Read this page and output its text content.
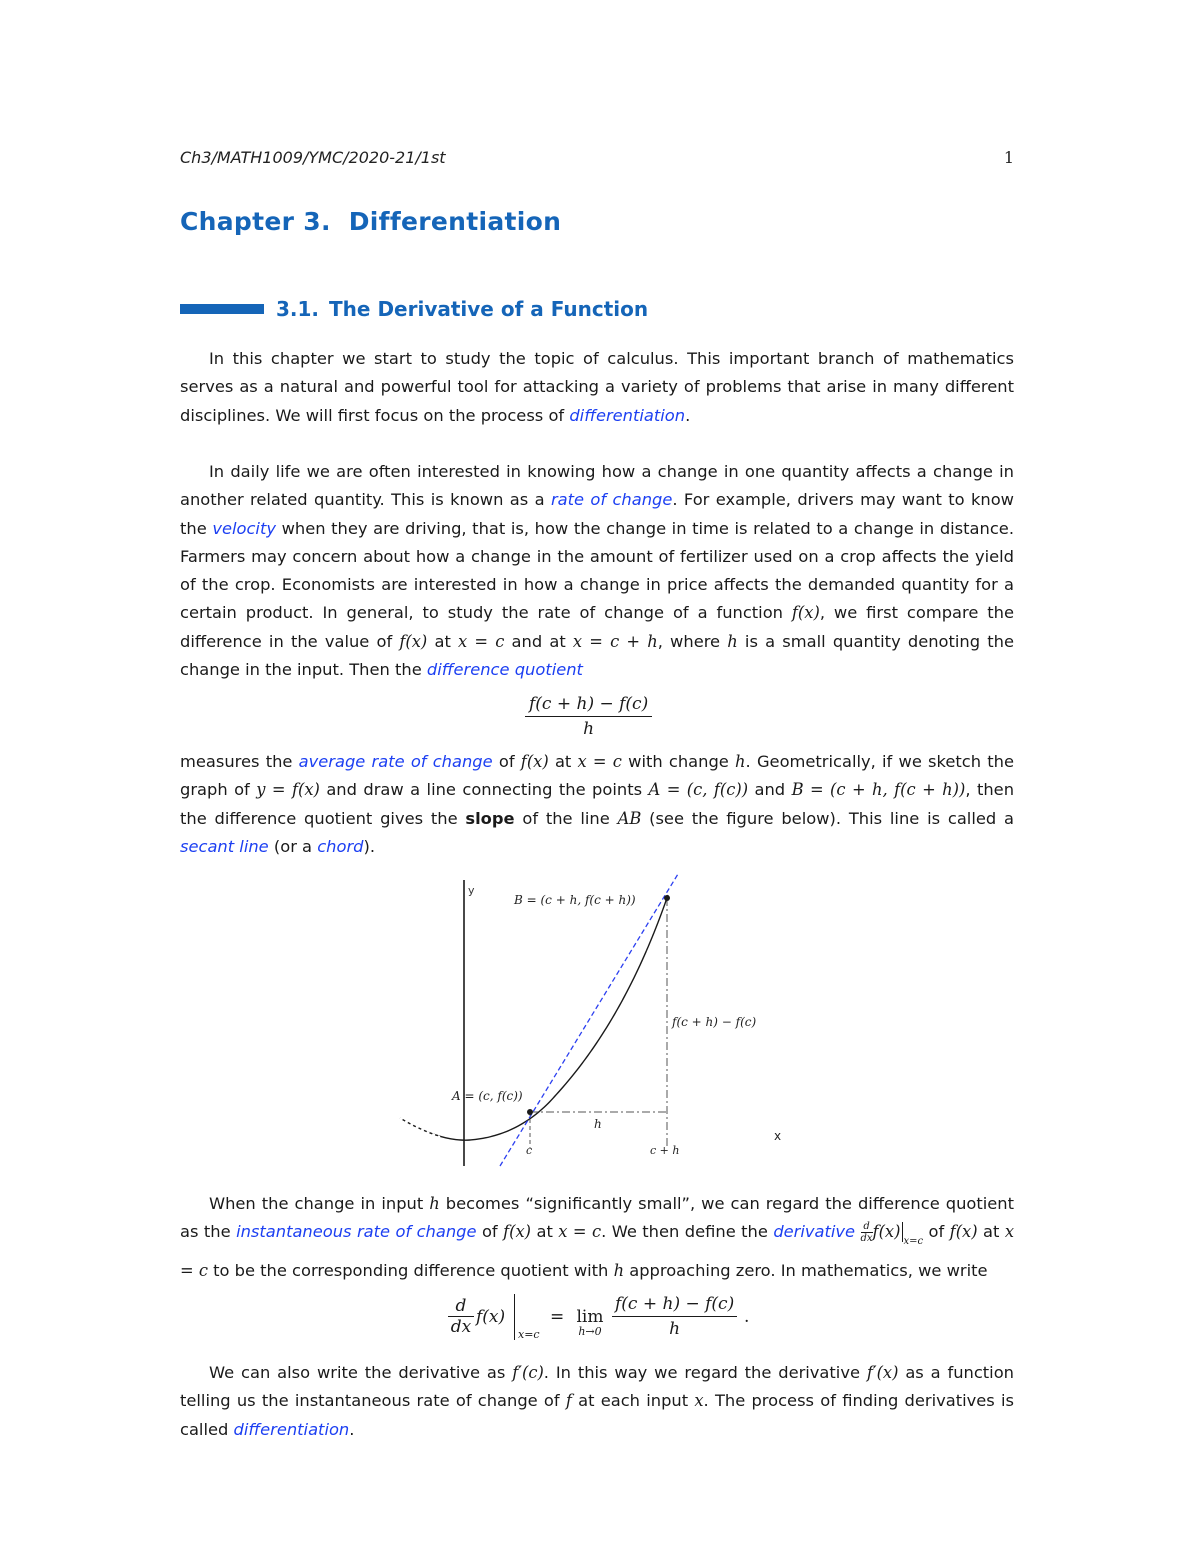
Ch3/MATH1009/YMC/2020-21/1st	1
Chapter 3. Differentiation
3.1. The Derivative of a Function

In this chapter we start to study the topic of calculus. This important branch of mathematics serves as a natural and powerful tool for attacking a variety of problems that arise in many different disciplines. We will first focus on the process of differentiation.

In daily life we are often interested in knowing how a change in one quantity affects a change in another related quantity. This is known as a rate of change. For example, drivers may want to know the velocity when they are driving, that is, how the change in time is related to a change in distance. Farmers may concern about how a change in the amount of fertilizer used on a crop affects the yield of the crop. Economists are interested in how a change in price affects the demanded quantity for a certain product. In general, to study the rate of change of a function f(x), we first compare the difference in the value of f(x) at x = c and at x = c + h, where h is a small quantity denoting the change in the input. Then the difference quotient

$\frac{f(c + h) - f(c)}{h}$

measures the average rate of change of f(x) at x = c with change h. Geometrically, if we sketch the graph of y = f(x) and draw a line connecting the points A = (c, f(c)) and B = (c + h, f(c + h)), then the difference quotient gives the slope of the line AB (see the figure below). This line is called a secant line (or a chord).

y
B = (c + h, f(c + h))
A = (c, f(c))
f(c + h) − f(c)
h
c	c + h
x

When the change in input h becomes “significantly small”, we can regard the difference quotient as the instantaneous rate of change of f(x) at x = c. We then define the derivative $\frac{d}{dx} f(x)_{x=c}$ of f(x) at x = c to be the corresponding difference quotient with h approaching zero. In mathematics, we write

$\frac{d}{dx} f(x)$
x=c
= lim
$h\to 0 \frac{f(c + h) - f(c)}{h}$ .

We can also write the derivative as f′(c). In this way we regard the derivative f′(x) as a function telling us the instantaneous rate of change of f at each input x. The process of finding derivatives is called differentiation.
